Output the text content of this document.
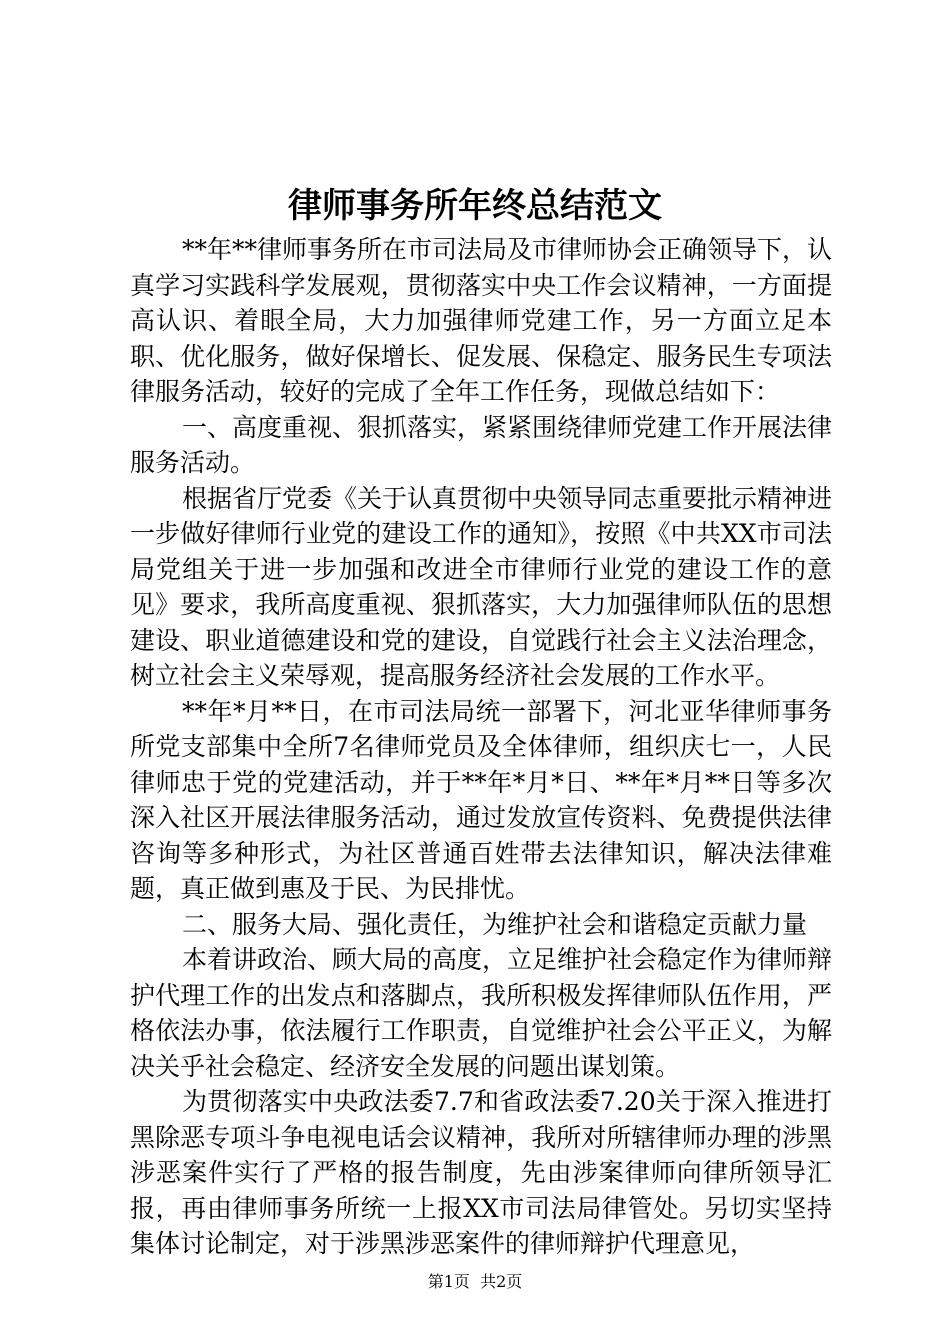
律师事务所年终总结范文

**年**律师事务所在市司法局及市律师协会正确领导下，认真学习实践科学发展观，贯彻落实中央工作会议精神，一方面提高认识、着眼全局，大力加强律师党建工作，另一方面立足本职、优化服务，做好保增长、促发展、保稳定、服务民生专项法律服务活动，较好的完成了全年工作任务，现做总结如下：

一、高度重视、狠抓落实，紧紧围绕律师党建工作开展法律服务活动。

根据省厅党委《关于认真贯彻中央领导同志重要批示精神进一步做好律师行业党的建设工作的通知》，按照《中共XX市司法局党组关于进一步加强和改进全市律师行业党的建设工作的意见》要求，我所高度重视、狠抓落实，大力加强律师队伍的思想建设、职业道德建设和党的建设，自觉践行社会主义法治理念，树立社会主义荣辱观，提高服务经济社会发展的工作水平。

**年*月**日，在市司法局统一部署下，河北亚华律师事务所党支部集中全所7名律师党员及全体律师，组织庆七一，人民律师忠于党的党建活动，并于**年*月*日、**年*月**日等多次深入社区开展法律服务活动，通过发放宣传资料、免费提供法律咨询等多种形式，为社区普通百姓带去法律知识，解决法律难题，真正做到惠及于民、为民排忧。

二、服务大局、强化责任，为维护社会和谐稳定贡献力量

本着讲政治、顾大局的高度，立足维护社会稳定作为律师辩护代理工作的出发点和落脚点，我所积极发挥律师队伍作用，严格依法办事，依法履行工作职责，自觉维护社会公平正义，为解决关乎社会稳定、经济安全发展的问题出谋划策。

为贯彻落实中央政法委7.7和省政法委7.20关于深入推进打黑除恶专项斗争电视电话会议精神，我所对所辖律师办理的涉黑涉恶案件实行了严格的报告制度，先由涉案律师向律所领导汇报，再由律师事务所统一上报XX市司法局律管处。另切实坚持集体讨论制定，对于涉黑涉恶案件的律师辩护代理意见，

第1页  共2页
